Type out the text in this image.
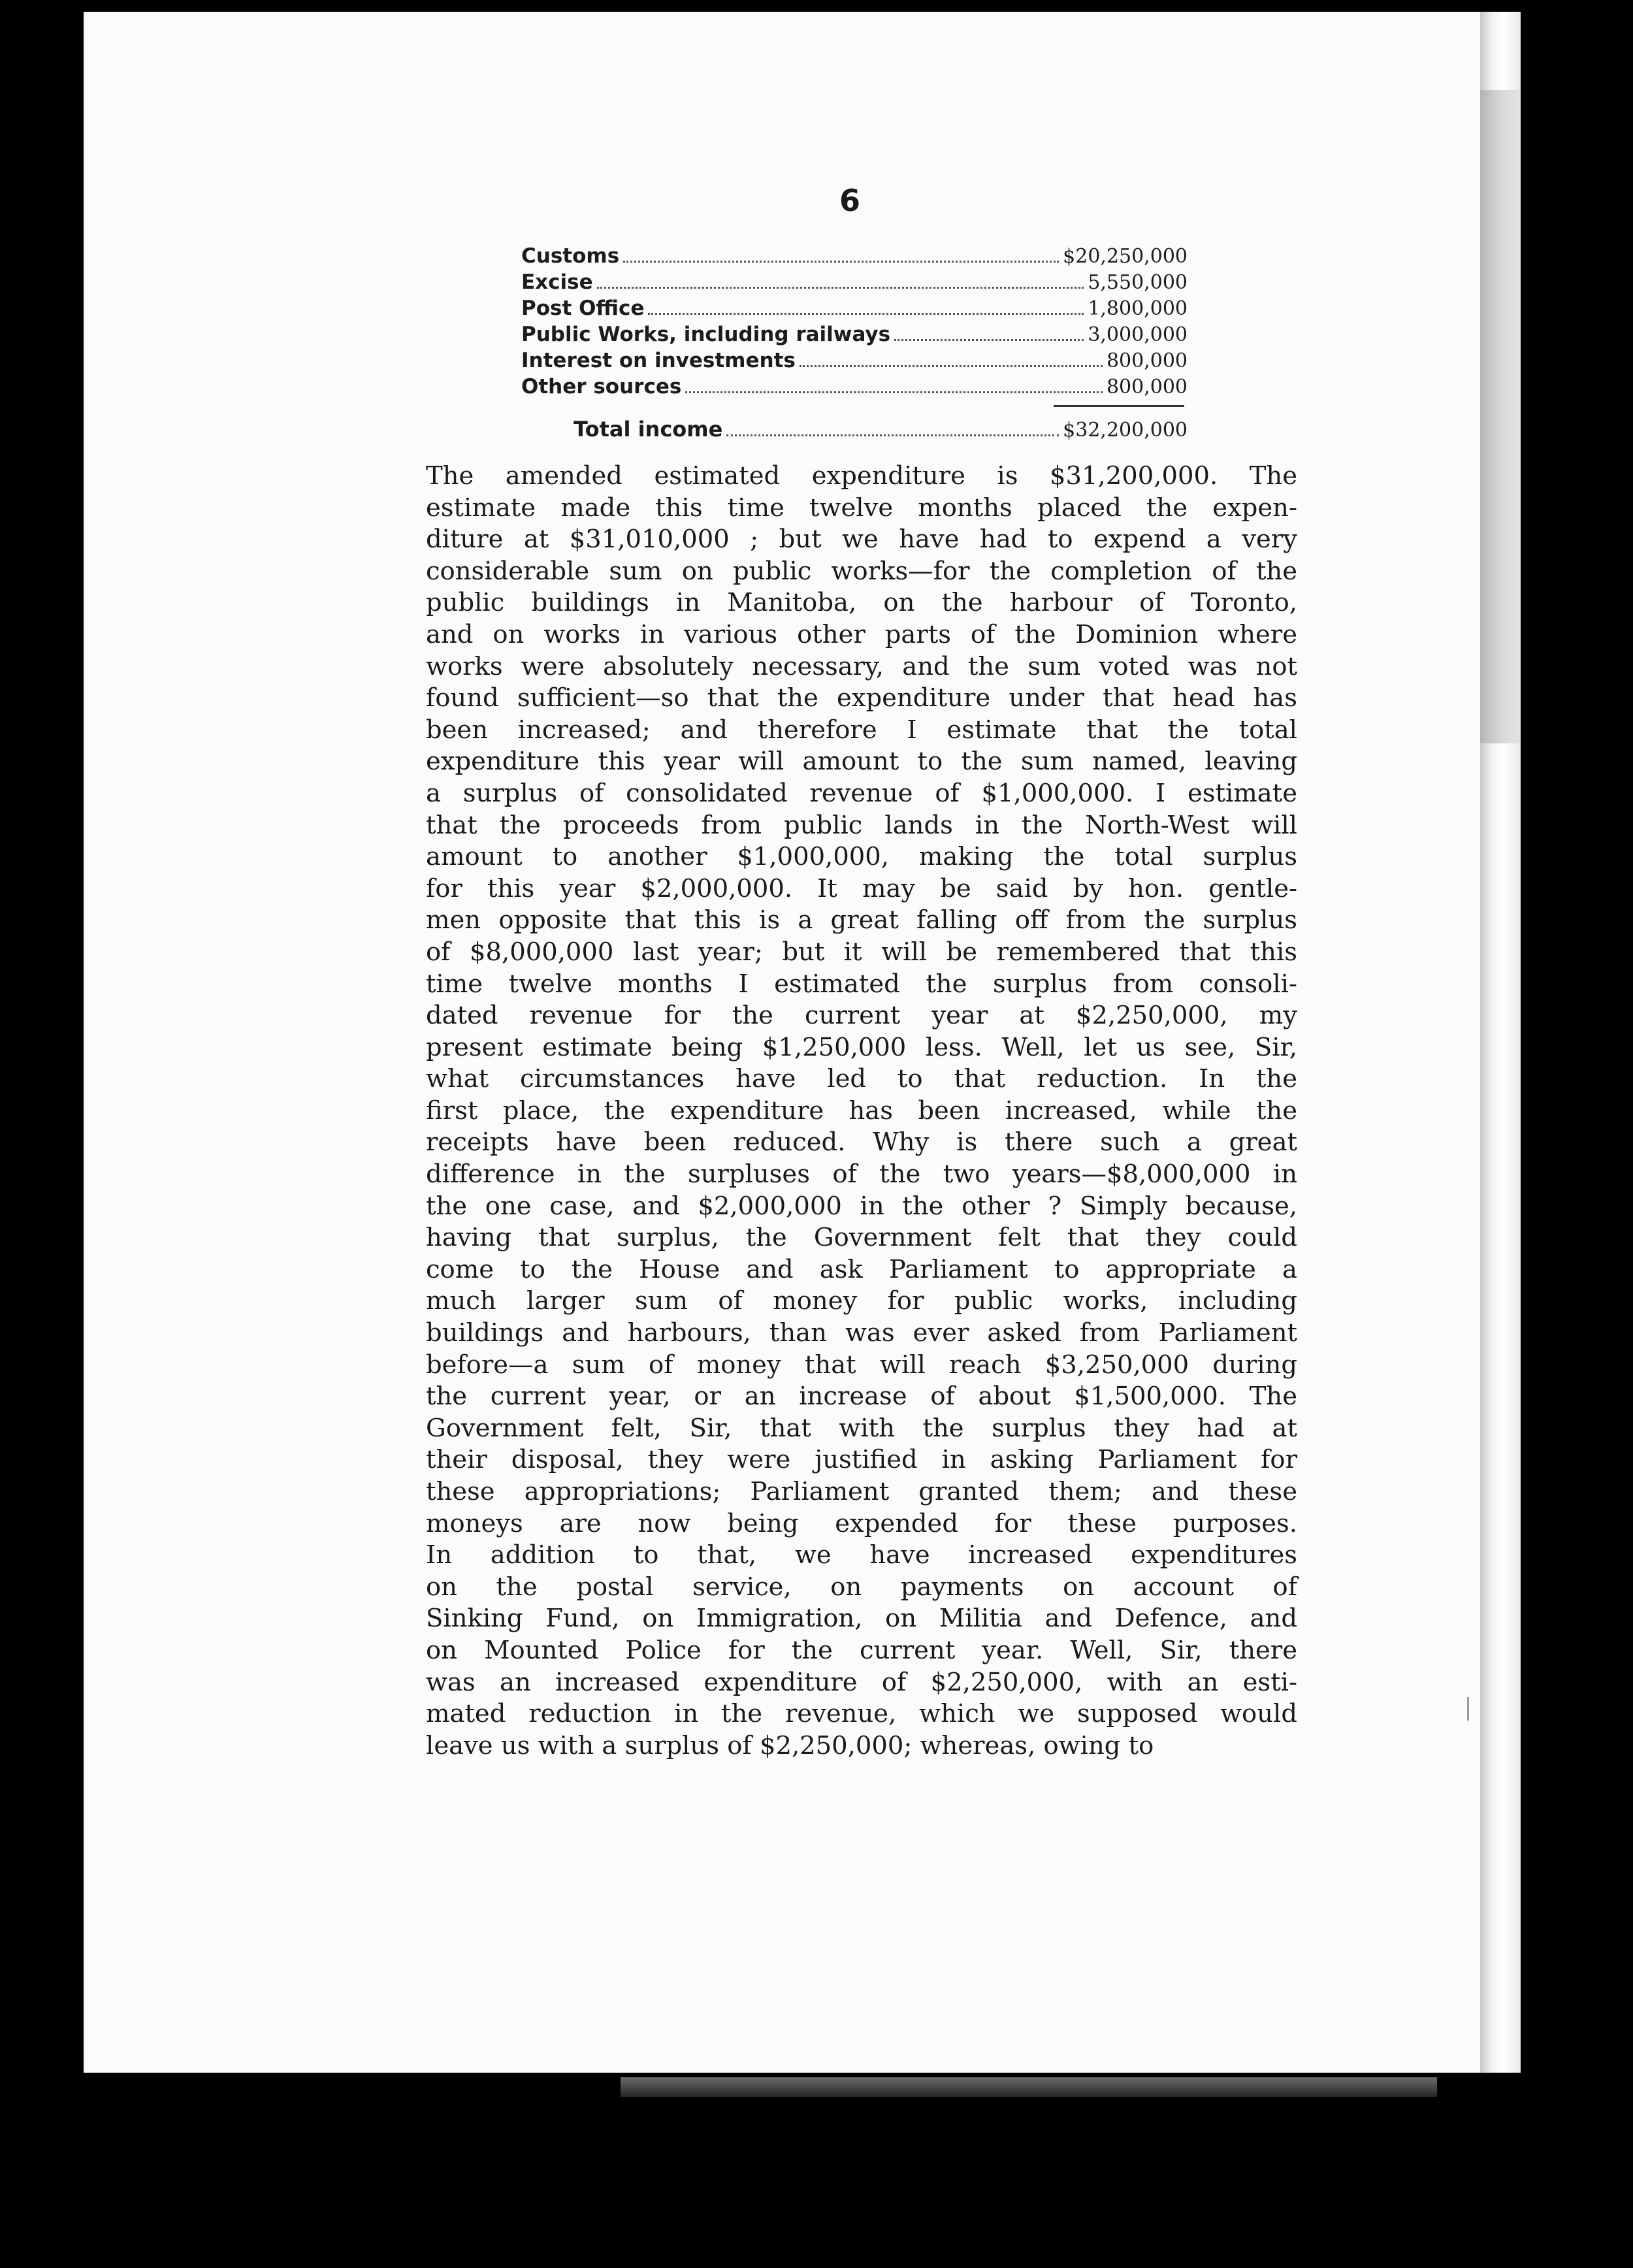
6
Customs	$20,250,000
Excise	5,550,000
Post Office	1,800,000
Public Works, including railways	3,000,000
Interest on investments	800,000
Other sources	800,000
Total income	$32,200,000
The amended estimated expenditure is $31,200,000. The
estimate made this time twelve months placed the expen-
diture at $31,010,000 ; but we have had to expend a very
considerable sum on public works—for the completion of the
public buildings in Manitoba, on the harbour of Toronto,
and on works in various other parts of the Dominion where
works were absolutely necessary, and the sum voted was not
found sufficient—so that the expenditure under that head has
been increased; and therefore I estimate that the total
expenditure this year will amount to the sum named, leaving
a surplus of consolidated revenue of $1,000,000. I estimate
that the proceeds from public lands in the North-West will
amount to another $1,000,000, making the total surplus
for this year $2,000,000. It may be said by hon. gentle-
men opposite that this is a great falling off from the surplus
of $8,000,000 last year; but it will be remembered that this
time twelve months I estimated the surplus from consoli-
dated revenue for the current year at $2,250,000, my
present estimate being $1,250,000 less. Well, let us see, Sir,
what circumstances have led to that reduction. In the
first place, the expenditure has been increased, while the
receipts have been reduced. Why is there such a great
difference in the surpluses of the two years—$8,000,000 in
the one case, and $2,000,000 in the other ? Simply because,
having that surplus, the Government felt that they could
come to the House and ask Parliament to appropriate a
much larger sum of money for public works, including
buildings and harbours, than was ever asked from Parliament
before—a sum of money that will reach $3,250,000 during
the current year, or an increase of about $1,500,000. The
Government felt, Sir, that with the surplus they had at
their disposal, they were justified in asking Parliament for
these appropriations; Parliament granted them; and these
moneys are now being expended for these purposes.
In addition to that, we have increased expenditures
on the postal service, on payments on account of
Sinking Fund, on Immigration, on Militia and Defence, and
on Mounted Police for the current year. Well, Sir, there
was an increased expenditure of $2,250,000, with an esti-
mated reduction in the revenue, which we supposed would
leave us with a surplus of $2,250,000; whereas, owing to
